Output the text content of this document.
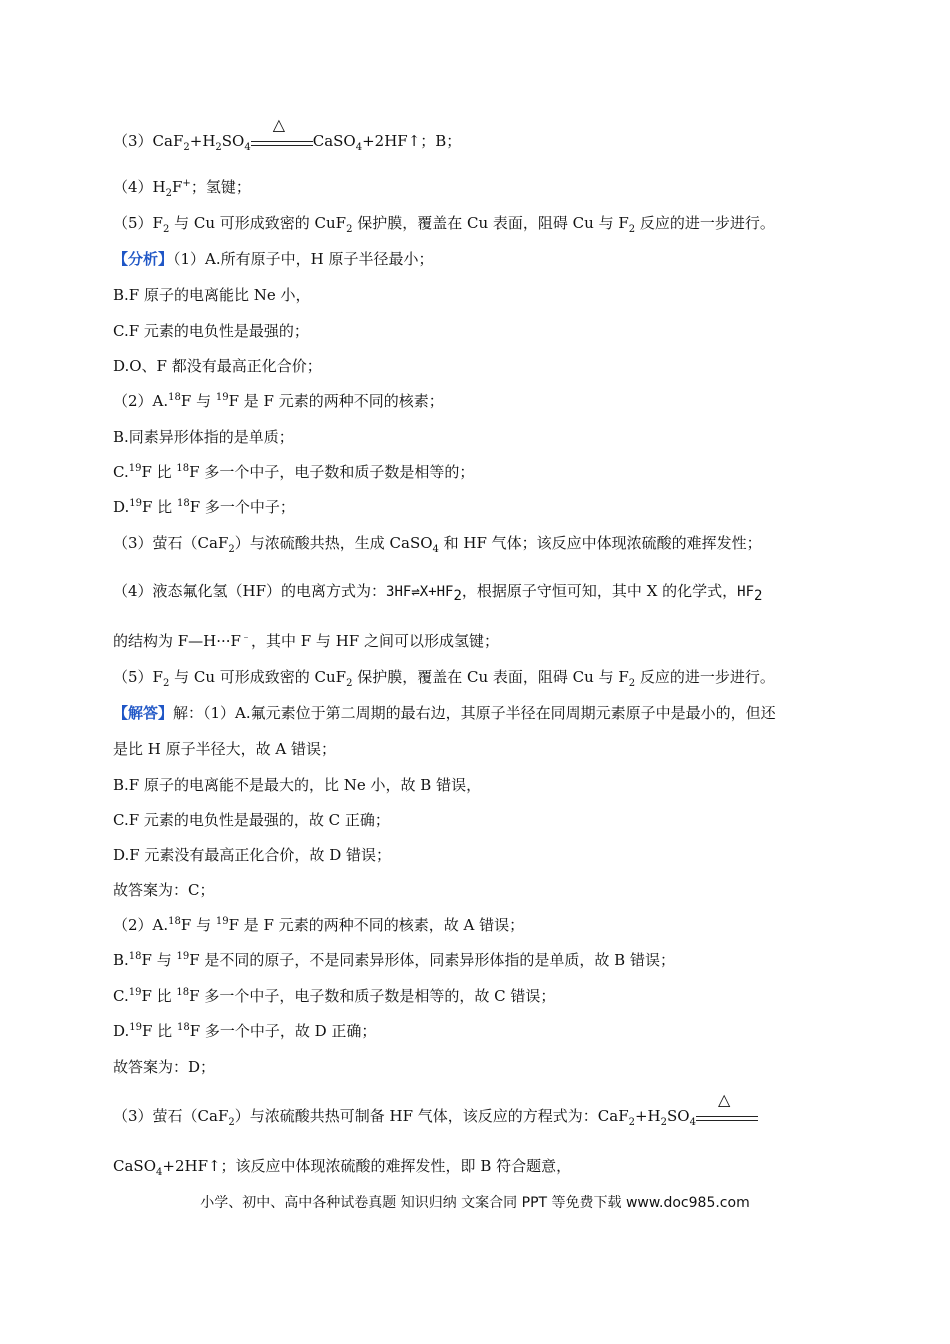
$(3)CaF_2+H_2SO_4$
△
CaSO$_4$+2HF↑；B；
$(4)H_2F^+$；氢键；
$(5)F_2$ 与 Cu 可形成致密的 CuF$_2$ 保护膜，覆盖在 Cu 表面，阻碍 Cu 与 $F_2$ 反应的进一步进行。
【分析】（1）A.所有原子中，H 原子半径最小；
B.F 原子的电离能比 Ne 小，
C.F 元素的电负性是最强的；
D.O、F 都没有最高正化合价；
（2）A.$^{18}$F 与 $^{19}$F 是 F 元素的两种不同的核素；
B.同素异形体指的是单质；
C.$^{19}$F 比 $^{18}$F 多一个中子，电子数和质子数是相等的；
D.$^{19}$F 比 $^{18}$F 多一个中子；
（3）萤石（CaF$_2$）与浓硫酸共热，生成 CaSO$_4$ 和 HF 气体；该反应中体现浓硫酸的难挥发性；
（4）液态氟化氢（HF）的电离方式为：$3HF\rightleftharpoons X+HF_2$，根据原子守恒可知，其中 X 的化学式，$HF_2$
的结构为 F—H···F﹣，其中 F 与 HF 之间可以形成氢键；
$(5)F_2$ 与 Cu 可形成致密的 CuF$_2$ 保护膜，覆盖在 Cu 表面，阻碍 Cu 与 $F_2$ 反应的进一步进行。
【解答】解：（1）A.氟元素位于第二周期的最右边，其原子半径在同周期元素原子中是最小的，但还
是比 H 原子半径大，故 A 错误；
B.F 原子的电离能不是最大的，比 Ne 小，故 B 错误，
C.F 元素的电负性是最强的，故 C 正确；
D.F 元素没有最高正化合价，故 D 错误；
故答案为：C；
（2）A.$^{18}$F 与 $^{19}$F 是 F 元素的两种不同的核素，故 A 错误；
B.$^{18}$F 与 $^{19}$F 是不同的原子，不是同素异形体，同素异形体指的是单质，故 B 错误；
C.$^{19}$F 比 $^{18}$F 多一个中子，电子数和质子数是相等的，故 C 错误；
D.$^{19}$F 比 $^{18}$F 多一个中子，故 D 正确；
故答案为：D；
（3）萤石（CaF$_2$）与浓硫酸共热可制备 HF 气体，该反应的方程式为：$CaF_2+H_2SO_4$
△
CaSO$_4$+2HF↑；该反应中体现浓硫酸的难挥发性，即 B 符合题意，
小学、初中、高中各种试卷真题 知识归纳 文案合同 PPT 等免费下载 www.doc985.com
